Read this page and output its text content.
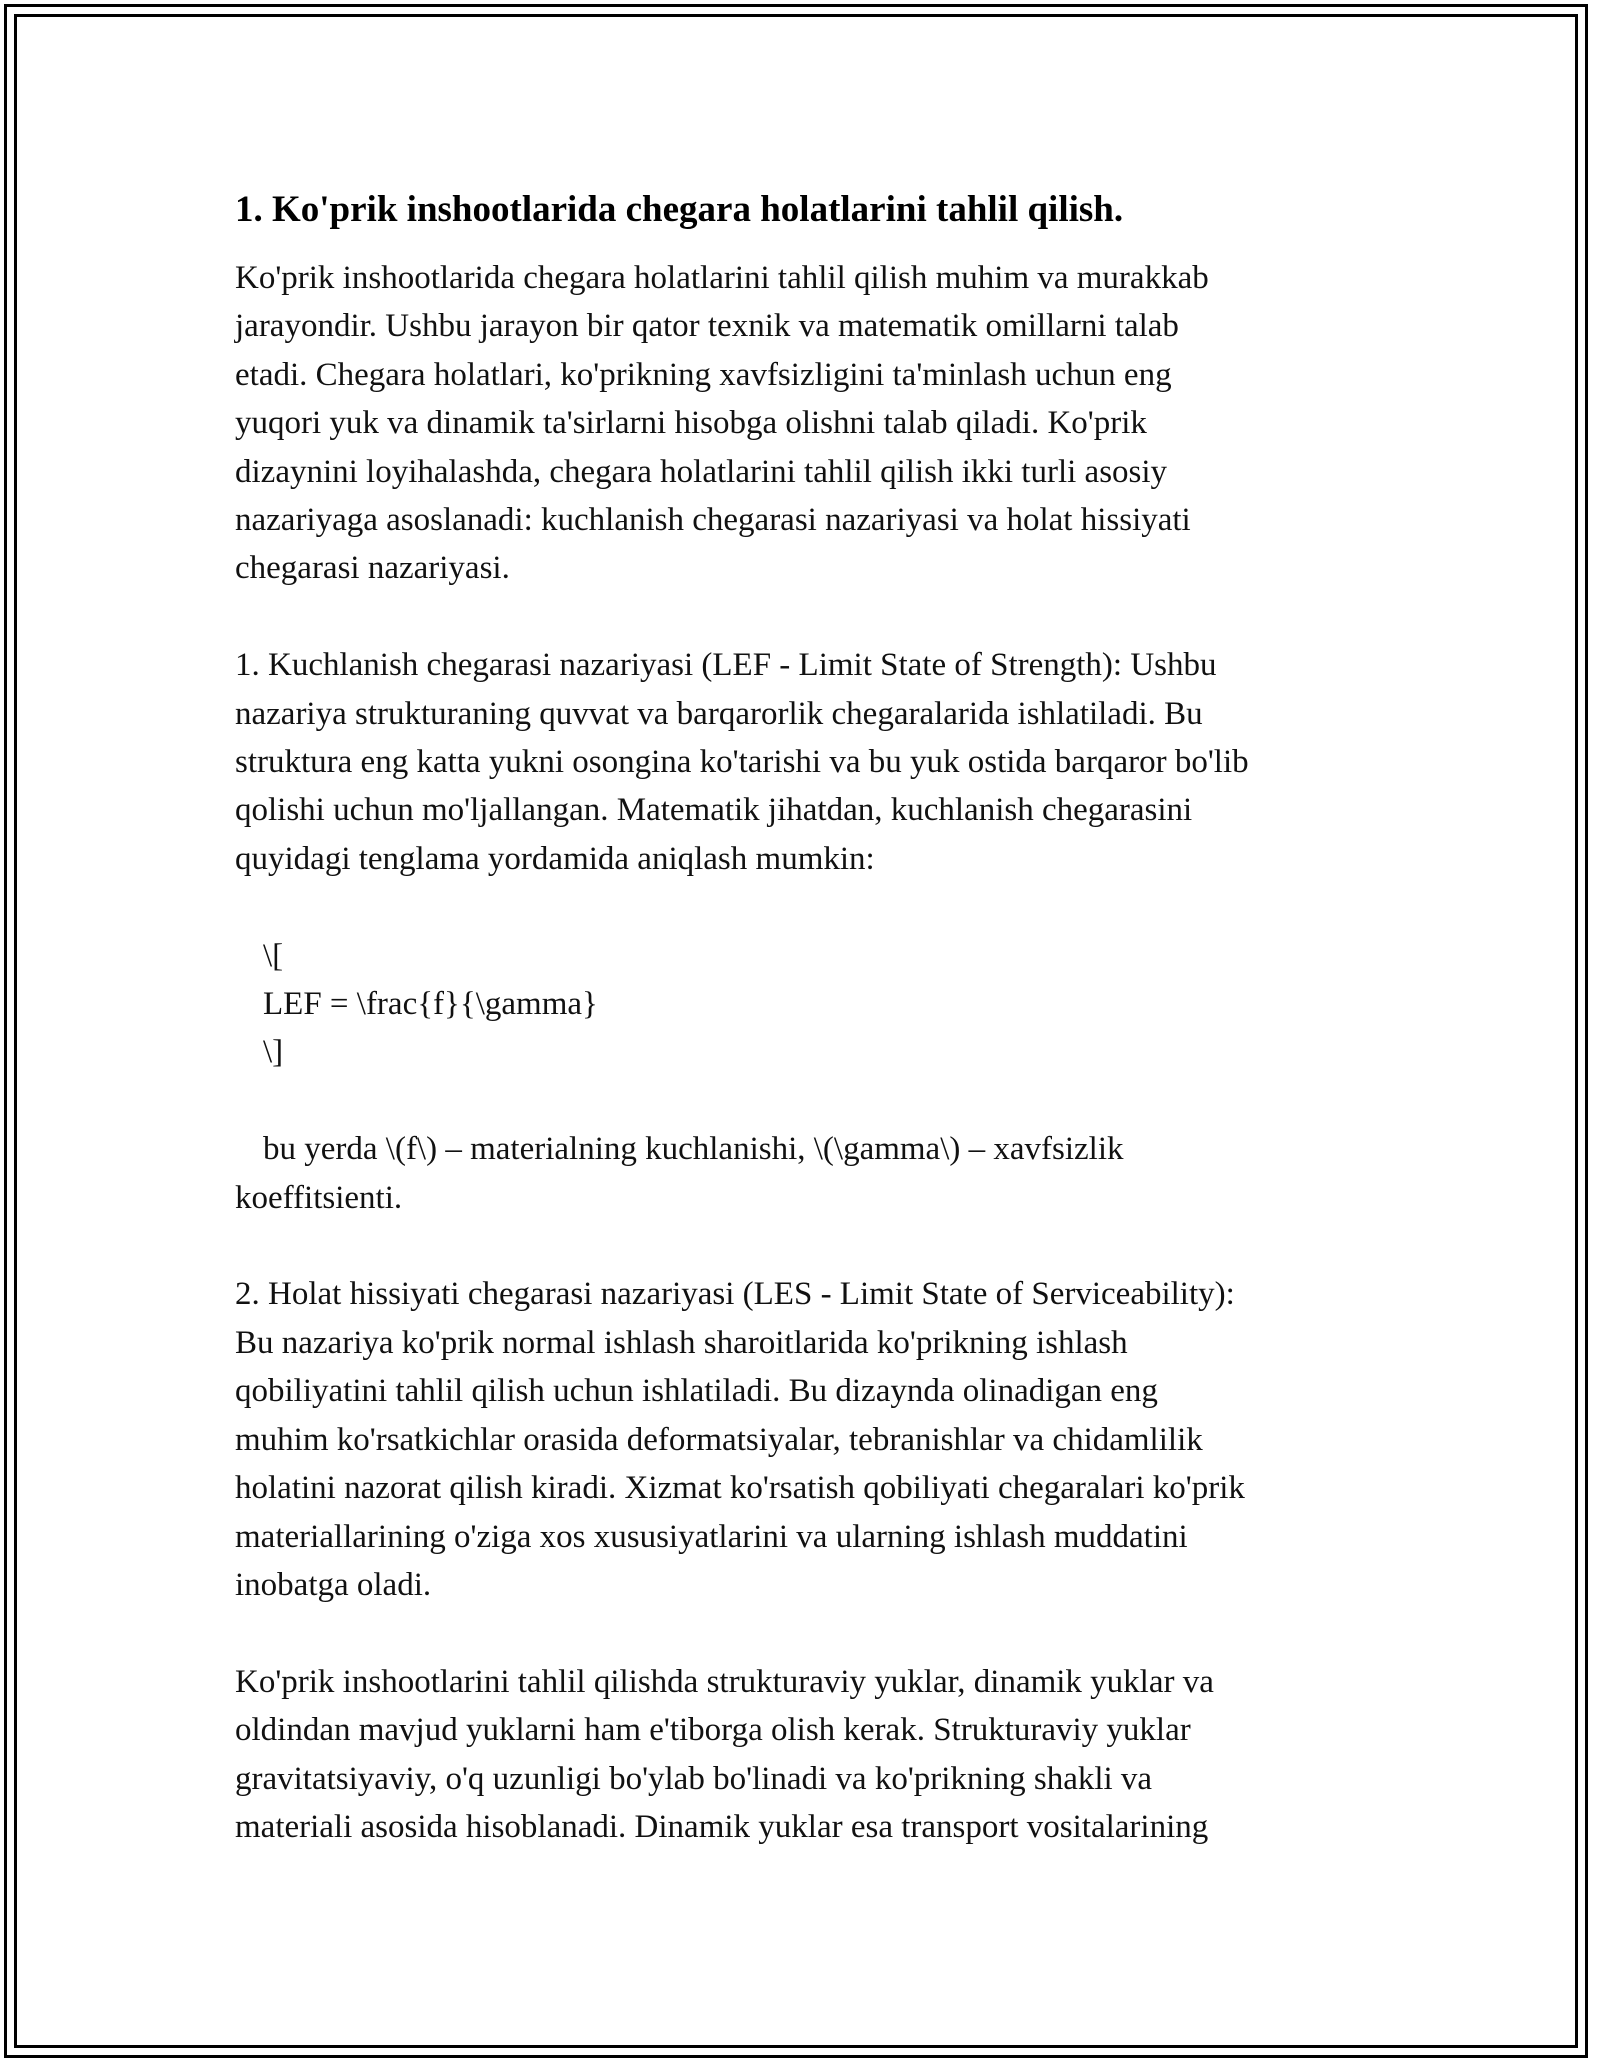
1. Ko'prik inshootlarida chegara holatlarini tahlil qilish.

Ko'prik inshootlarida chegara holatlarini tahlil qilish muhim va murakkab
jarayondir. Ushbu jarayon bir qator texnik va matematik omillarni talab
etadi. Chegara holatlari, ko'prikning xavfsizligini ta'minlash uchun eng
yuqori yuk va dinamik ta'sirlarni hisobga olishni talab qiladi. Ko'prik
dizaynini loyihalashda, chegara holatlarini tahlil qilish ikki turli asosiy
nazariyaga asoslanadi: kuchlanish chegarasi nazariyasi va holat hissiyati
chegarasi nazariyasi.

1. Kuchlanish chegarasi nazariyasi (LEF - Limit State of Strength): Ushbu
nazariya strukturaning quvvat va barqarorlik chegaralarida ishlatiladi. Bu
struktura eng katta yukni osongina ko'tarishi va bu yuk ostida barqaror bo'lib
qolishi uchun mo'ljallangan. Matematik jihatdan, kuchlanish chegarasini
quyidagi tenglama yordamida aniqlash mumkin:

\[

LEF = \frac{f}{\gamma}

\]

bu yerda \(f\) – materialning kuchlanishi, \(\gamma\) – xavfsizlik

koeffitsienti.

2. Holat hissiyati chegarasi nazariyasi (LES - Limit State of Serviceability):
Bu nazariya ko'prik normal ishlash sharoitlarida ko'prikning ishlash
qobiliyatini tahlil qilish uchun ishlatiladi. Bu dizaynda olinadigan eng
muhim ko'rsatkichlar orasida deformatsiyalar, tebranishlar va chidamlilik
holatini nazorat qilish kiradi. Xizmat ko'rsatish qobiliyati chegaralari ko'prik
materiallarining o'ziga xos xususiyatlarini va ularning ishlash muddatini
inobatga oladi.

Ko'prik inshootlarini tahlil qilishda strukturaviy yuklar, dinamik yuklar va
oldindan mavjud yuklarni ham e'tiborga olish kerak. Strukturaviy yuklar
gravitatsiyaviy, o'q uzunligi bo'ylab bo'linadi va ko'prikning shakli va
materiali asosida hisoblanadi. Dinamik yuklar esa transport vositalarining
